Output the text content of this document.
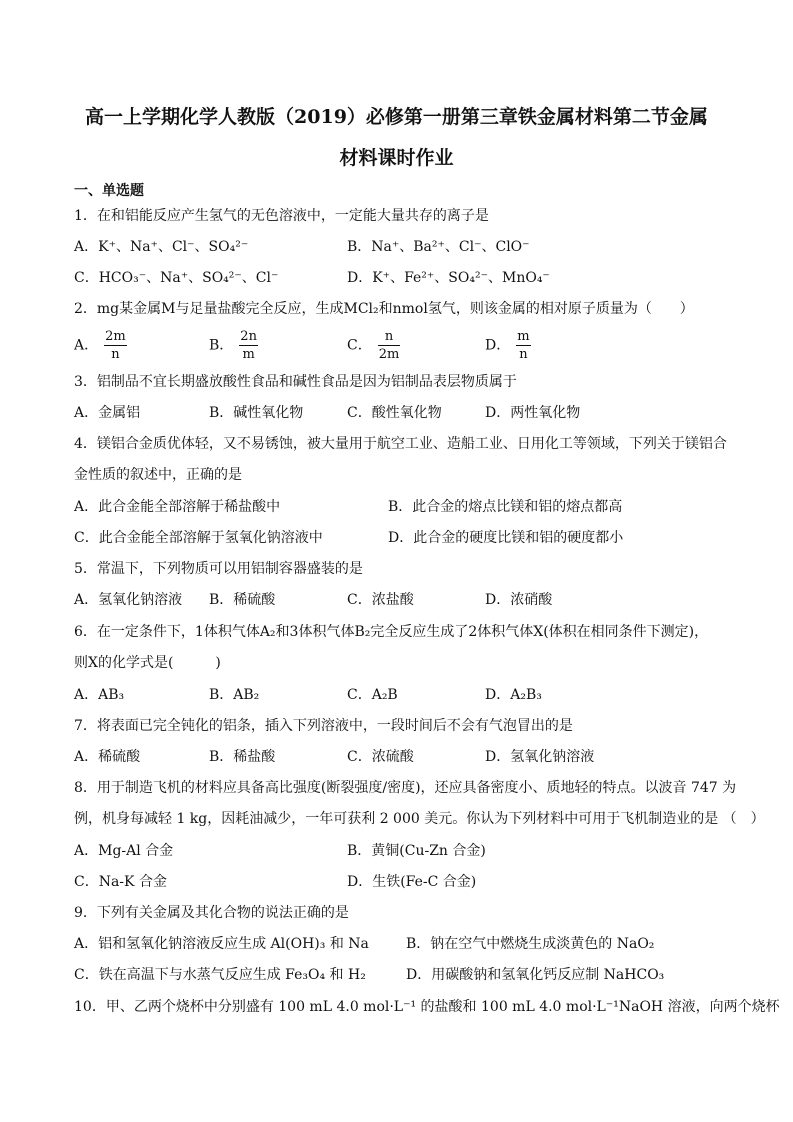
高一上学期化学人教版（2019）必修第一册第三章铁金属材料第二节金属
材料课时作业
一、单选题
1．在和铝能反应产生氢气的无色溶液中，一定能大量共存的离子是
A．K⁺、Na⁺、Cl⁻、SO₄²⁻	B．Na⁺、Ba²⁺、Cl⁻、ClO⁻
C．HCO₃⁻、Na⁺、SO₄²⁻、Cl⁻	D．K⁺、Fe²⁺、SO₄²⁻、MnO₄⁻
2．mg某金属M与足量盐酸完全反应，生成MCl₂和nmol氢气，则该金属的相对原子质量为（　　）
A． $\frac{2m}{n}$	B． $\frac{2n}{m}$	C． $\frac{n}{2m}$	D． $\frac{m}{n}$
3．铝制品不宜长期盛放酸性食品和碱性食品是因为铝制品表层物质属于
A．金属铝	B．碱性氧化物	C．酸性氧化物	D．两性氧化物
4．镁铝合金质优体轻，又不易锈蚀，被大量用于航空工业、造船工业、日用化工等领域，下列关于镁铝合
金性质的叙述中，正确的是
A．此合金能全部溶解于稀盐酸中	B．此合金的熔点比镁和铝的熔点都高
C．此合金能全部溶解于氢氧化钠溶液中	D．此合金的硬度比镁和铝的硬度都小
5．常温下，下列物质可以用铝制容器盛装的是
A．氢氧化钠溶液 B．稀硫酸	C．浓盐酸	D．浓硝酸
6．在一定条件下，1体积气体A₂和3体积气体B₂完全反应生成了2体积气体X(体积在相同条件下测定)，
则X的化学式是(　　　)
A．AB₃	B．AB₂	C．A₂B	D．A₂B₃
7．将表面已完全钝化的铝条，插入下列溶液中，一段时间后不会有气泡冒出的是
A．稀硫酸	B．稀盐酸	C．浓硫酸	D．氢氧化钠溶液
8．用于制造飞机的材料应具备高比强度(断裂强度/密度)，还应具备密度小、质地轻的特点。以波音 747 为
例，机身每减轻 1 kg，因耗油减少，一年可获利 2 000 美元。你认为下列材料中可用于飞机制造业的是 （　）
A．Mg-Al 合金	B．黄铜(Cu-Zn 合金)
C．Na-K 合金	D．生铁(Fe-C 合金)
9．下列有关金属及其化合物的说法正确的是
A．铝和氢氧化钠溶液反应生成 Al(OH)₃ 和 Na	B．钠在空气中燃烧生成淡黄色的 NaO₂
C．铁在高温下与水蒸气反应生成 Fe₃O₄ 和 H₂	D．用碳酸钠和氢氧化钙反应制 NaHCO₃
10．甲、乙两个烧杯中分别盛有 100 mL 4.0 mol·L⁻¹ 的盐酸和 100 mL 4.0 mol·L⁻¹NaOH 溶液，向两个烧杯
